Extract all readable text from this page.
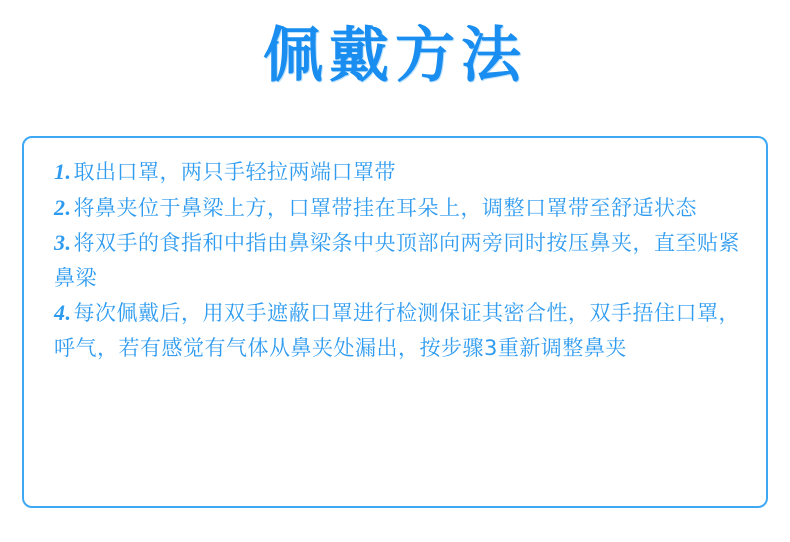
佩戴方法

1.取出口罩，两只手轻拉两端口罩带

2.将鼻夹位于鼻梁上方，口罩带挂在耳朵上，调整口罩带至舒适状态

3.将双手的食指和中指由鼻梁条中央顶部向两旁同时按压鼻夹，直至贴紧鼻梁

4.每次佩戴后，用双手遮蔽口罩进行检测保证其密合性，双手捂住口罩，呼气，若有感觉有气体从鼻夹处漏出，按步骤3重新调整鼻夹
